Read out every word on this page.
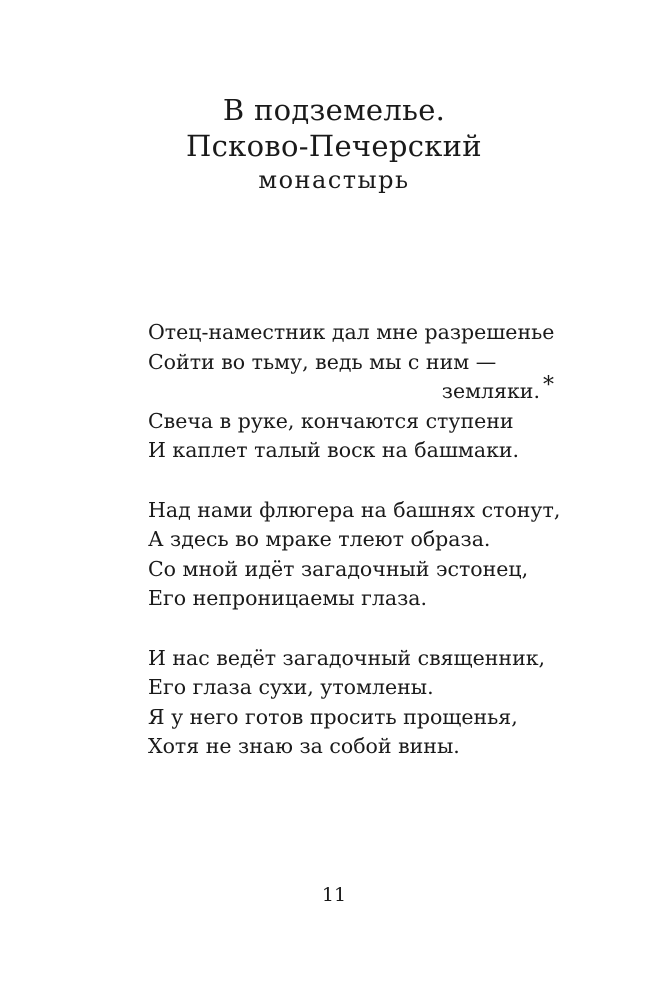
В подземелье.
Псково-Печерский
монастырь
Отец-наместник дал мне разрешенье
Сойти во тьму, ведь мы с ним —
земляки. *
Свеча в руке, кончаются ступени
И каплет талый воск на башмаки.
Над нами флюгера на башнях стонут,
А здесь во мраке тлеют образа.
Со мной идёт загадочный эстонец,
Его непроницаемы глаза.
И нас ведёт загадочный священник,
Его глаза сухи, утомлены.
Я у него готов просить прощенья,
Хотя не знаю за собой вины.
11
